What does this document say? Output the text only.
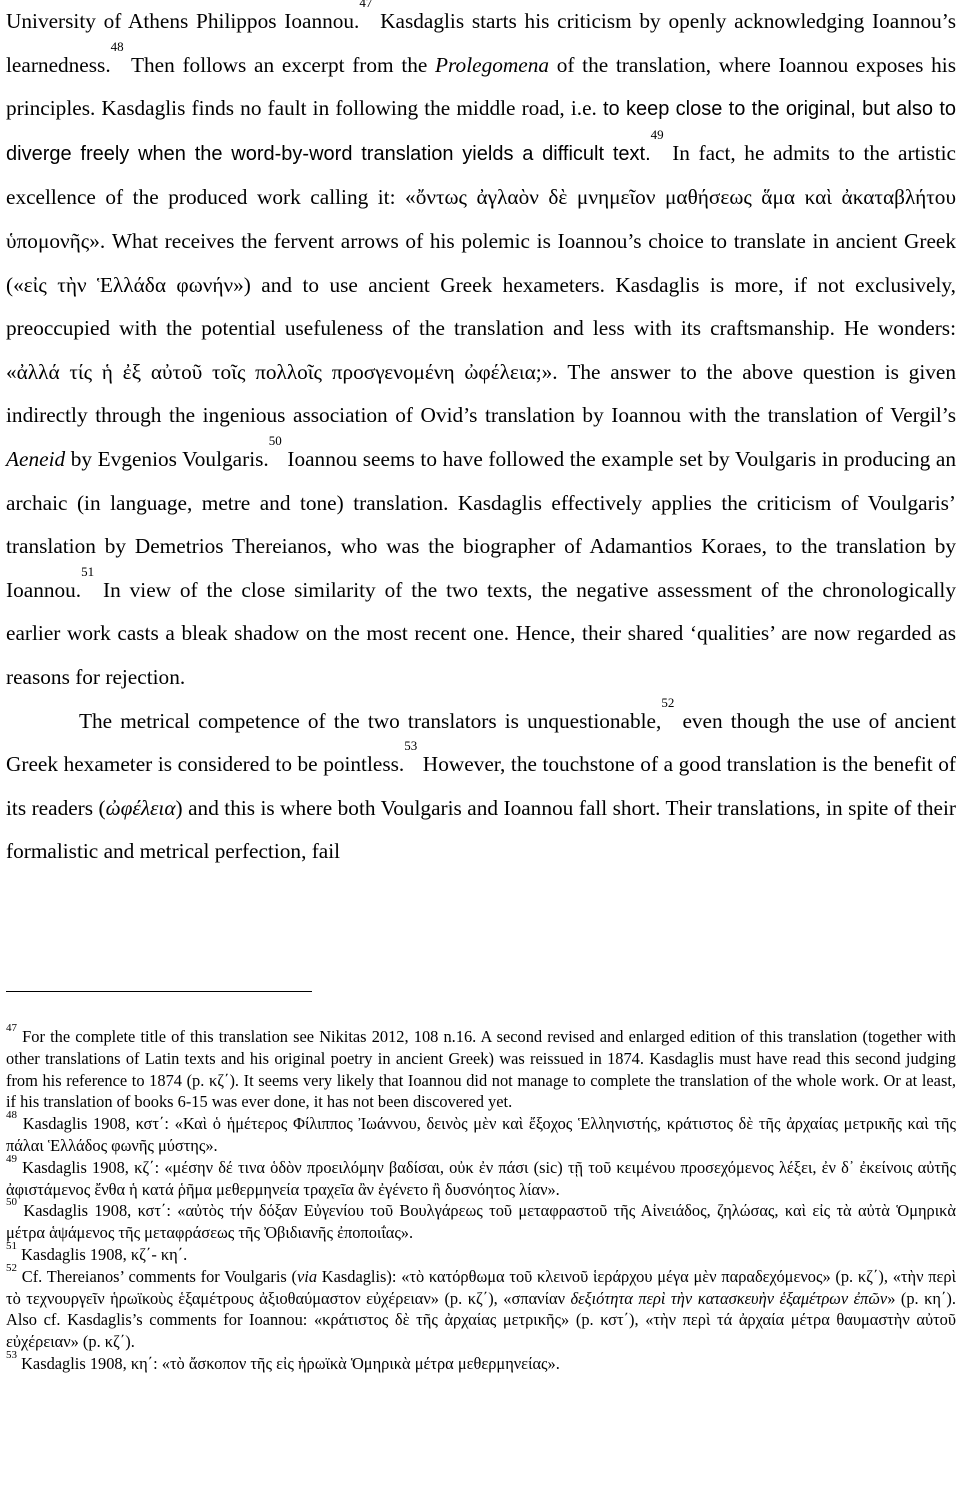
University of Athens Philippos Ioannou.$^{47}$ Kasdaglis starts his criticism by openly acknowledging Ioannou’s learnedness.$^{48}$ Then follows an excerpt from the Prolegomena of the translation, where Ioannou exposes his principles. Kasdaglis finds no fault in following the middle road, i.e. to keep close to the original, but also to diverge freely when the word-by-word translation yields a difficult text.$^{49}$ In fact, he admits to the artistic excellence of the produced work calling it: «ὄντως ἀγλαὸν δὲ μνημεῖον μαθήσεως ἅμα καὶ ἀκαταβλήτου ὑπομονῆς». What receives the fervent arrows of his polemic is Ioannou’s choice to translate in ancient Greek («εἰς τὴν Ἑλλάδα φωνήν») and to use ancient Greek hexameters. Kasdaglis is more, if not exclusively, preoccupied with the potential usefuleness of the translation and less with its craftsmanship. He wonders: «ἀλλά τίς ἡ ἐξ αὐτοῦ τοῖς πολλοῖς προσγενομένη ὠφέλεια;». The answer to the above question is given indirectly through the ingenious association of Ovid’s translation by Ioannou with the translation of Vergil’s Aeneid by Evgenios Voulgaris.$^{50}$ Ioannou seems to have followed the example set by Voulgaris in producing an archaic (in language, metre and tone) translation. Kasdaglis effectively applies the criticism of Voulgaris’ translation by Demetrios Thereianos, who was the biographer of Adamantios Koraes, to the translation by Ioannou.$^{51}$ In view of the close similarity of the two texts, the negative assessment of the chronologically earlier work casts a bleak shadow on the most recent one. Hence, their shared ‘qualities’ are now regarded as reasons for rejection.

The metrical competence of the two translators is unquestionable,$^{52}$ even though the use of ancient Greek hexameter is considered to be pointless.$^{53}$ However, the touchstone of a good translation is the benefit of its readers (ὠφέλεια) and this is where both Voulgaris and Ioannou fall short. Their translations, in spite of their formalistic and metrical perfection, fail

$^{47}$ For the complete title of this translation see Nikitas 2012, 108 n.16. A second revised and enlarged edition of this translation (together with other translations of Latin texts and his original poetry in ancient Greek) was reissued in 1874. Kasdaglis must have read this second judging from his reference to 1874 (p. κζ΄). It seems very likely that Ioannou did not manage to complete the translation of the whole work. Or at least, if his translation of books 6-15 was ever done, it has not been discovered yet.

$^{48}$ Kasdaglis 1908, κστ΄: «Καὶ ὁ ἡμέτερος Φίλιππος Ἰωάννου, δεινὸς μὲν καὶ ἔξοχος Ἑλληνιστής, κράτιστος δὲ τῆς ἀρχαίας μετρικῆς καὶ τῆς πάλαι Ἑλλάδος φωνῆς μύστης».

$^{49}$ Kasdaglis 1908, κζ΄: «μέσην δέ τινα ὁδὸν προειλόμην βαδίσαι, οὐκ ἐν πάσι (sic) τῇ τοῦ κειμένου προσεχόμενος λέξει, ἐν δ᾽ ἐκείνοις αὐτῆς ἀφιστάμενος ἔνθα ἡ κατά ῥῆμα μεθερμηνεία τραχεῖα ἂν ἐγένετο ἢ δυσνόητος λίαν».

$^{50}$ Kasdaglis 1908, κστ΄: «αὐτὸς τήν δόξαν Εὐγενίου τοῦ Βουλγάρεως τοῦ μεταφραστοῦ τῆς Αἰνειάδος, ζηλώσας, καὶ εἰς τὰ αὐτὰ Ὁμηρικὰ μέτρα ἁψάμενος τῆς μεταφράσεως τῆς Ὀβιδιανῆς ἐποποιΐας».

$^{51}$ Kasdaglis 1908, κζ΄- κη΄.

$^{52}$ Cf. Thereianos’ comments for Voulgaris (via Kasdaglis): «τὸ κατόρθωμα τοῦ κλεινοῦ ἱεράρχου μέγα μὲν παραδεχόμενος» (p. κζ΄), «τὴν περὶ τὸ τεχνουργεῖν ἡρωϊκοὺς ἑξαμέτρους ἀξιοθαύμαστον εὐχέρειαν» (p. κζ΄), «σπανίαν δεξιότητα περὶ τὴν κατασκευὴν ἑξαμέτρων ἐπῶν» (p. κη΄). Also cf. Kasdaglis’s comments for Ioannou: «κράτιστος δὲ τῆς ἀρχαίας μετρικῆς» (p. κστ΄), «τὴν περὶ τά ἀρχαία μέτρα θαυμαστὴν αὐτοῦ εὐχέρειαν» (p. κζ΄).

$^{53}$ Kasdaglis 1908, κη΄: «τὸ ἄσκοπον τῆς εἰς ἡρωϊκὰ Ὁμηρικὰ μέτρα μεθερμηνείας».
